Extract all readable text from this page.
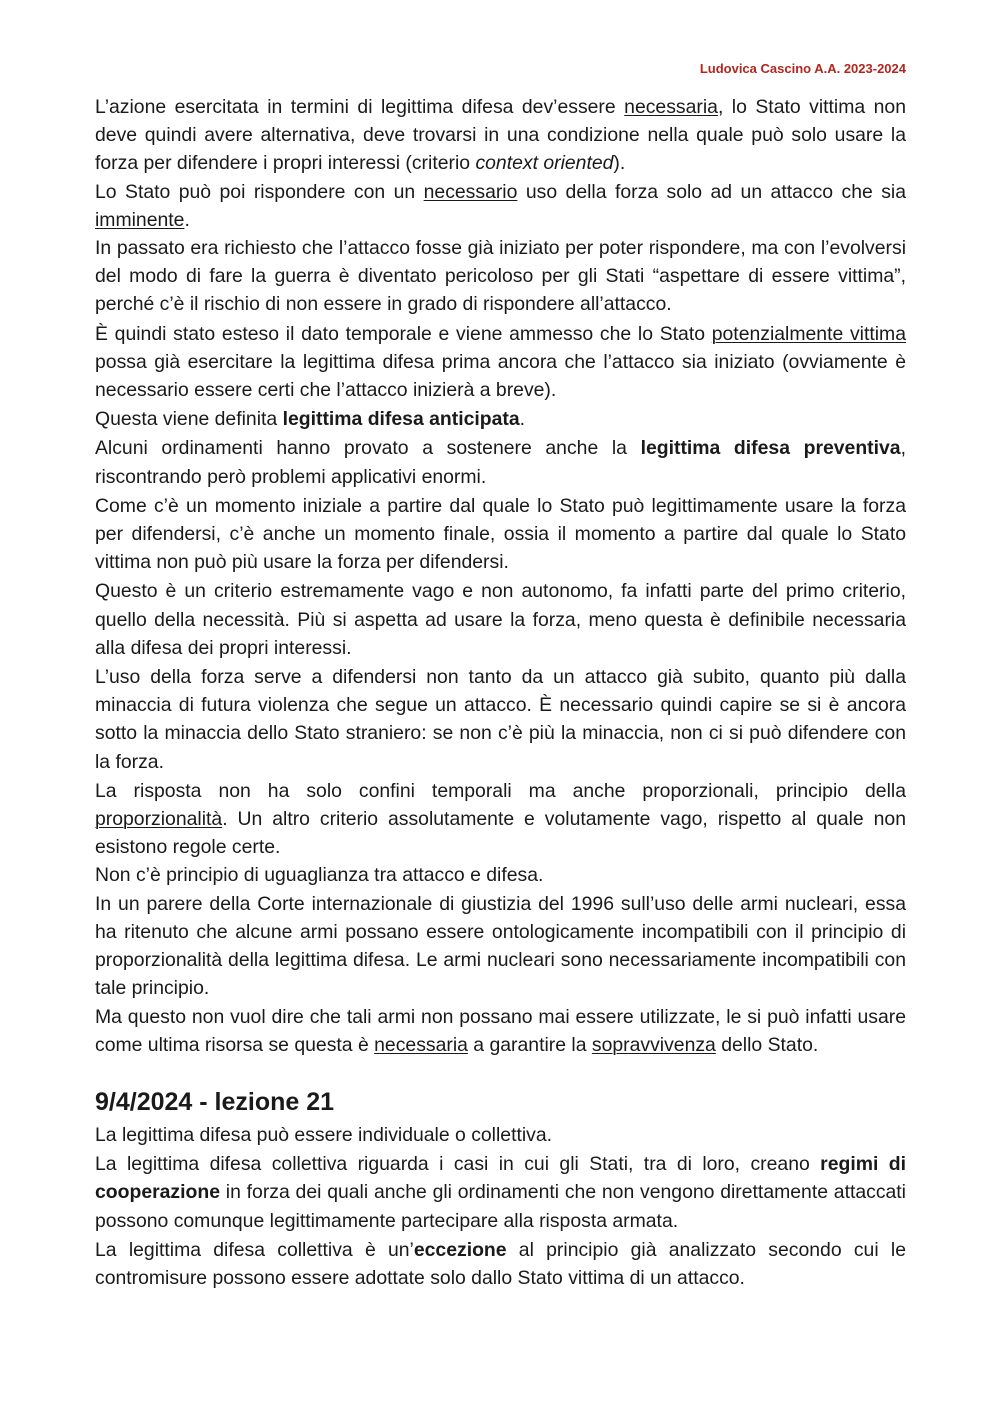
Ludovica Cascino A.A. 2023-2024

L’azione esercitata in termini di legittima difesa dev’essere necessaria, lo Stato vittima non deve quindi avere alternativa, deve trovarsi in una condizione nella quale può solo usare la forza per difendere i propri interessi (criterio context oriented).

Lo Stato può poi rispondere con un necessario uso della forza solo ad un attacco che sia imminente.

In passato era richiesto che l’attacco fosse già iniziato per poter rispondere, ma con l’evolversi del modo di fare la guerra è diventato pericoloso per gli Stati “aspettare di essere vittima”, perché c’è il rischio di non essere in grado di rispondere all’attacco.

È quindi stato esteso il dato temporale e viene ammesso che lo Stato potenzialmente vittima possa già esercitare la legittima difesa prima ancora che l’attacco sia iniziato (ovviamente è necessario essere certi che l’attacco inizierà a breve).

Questa viene definita legittima difesa anticipata.

Alcuni ordinamenti hanno provato a sostenere anche la legittima difesa preventiva, riscontrando però problemi applicativi enormi.

Come c’è un momento iniziale a partire dal quale lo Stato può legittimamente usare la forza per difendersi, c’è anche un momento finale, ossia il momento a partire dal quale lo Stato vittima non può più usare la forza per difendersi.

Questo è un criterio estremamente vago e non autonomo, fa infatti parte del primo criterio, quello della necessità. Più si aspetta ad usare la forza, meno questa è definibile necessaria alla difesa dei propri interessi.

L’uso della forza serve a difendersi non tanto da un attacco già subito, quanto più dalla minaccia di futura violenza che segue un attacco. È necessario quindi capire se si è ancora sotto la minaccia dello Stato straniero: se non c’è più la minaccia, non ci si può difendere con la forza.

La risposta non ha solo confini temporali ma anche proporzionali, principio della proporzionalità. Un altro criterio assolutamente e volutamente vago, rispetto al quale non esistono regole certe.

Non c’è principio di uguaglianza tra attacco e difesa.

In un parere della Corte internazionale di giustizia del 1996 sull’uso delle armi nucleari, essa ha ritenuto che alcune armi possano essere ontologicamente incompatibili con il principio di proporzionalità della legittima difesa. Le armi nucleari sono necessariamente incompatibili con tale principio.

Ma questo non vuol dire che tali armi non possano mai essere utilizzate, le si può infatti usare come ultima risorsa se questa è necessaria a garantire la sopravvivenza dello Stato.

9/4/2024 - lezione 21

La legittima difesa può essere individuale o collettiva.

La legittima difesa collettiva riguarda i casi in cui gli Stati, tra di loro, creano regimi di cooperazione in forza dei quali anche gli ordinamenti che non vengono direttamente attaccati possono comunque legittimamente partecipare alla risposta armata.

La legittima difesa collettiva è un’eccezione al principio già analizzato secondo cui le contromisure possono essere adottate solo dallo Stato vittima di un attacco.
